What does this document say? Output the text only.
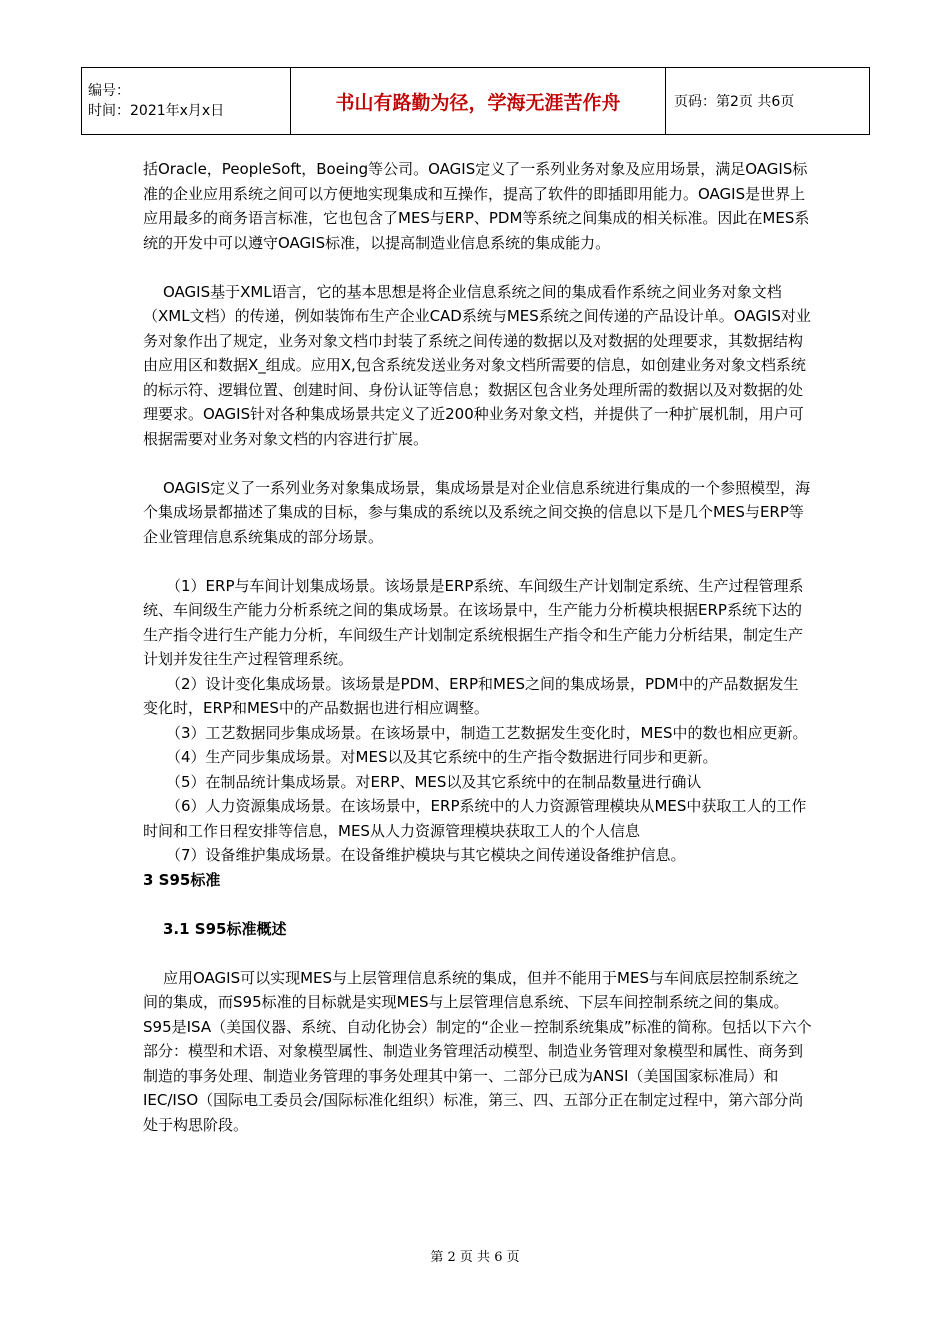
编号：
时间：2021年x月x日	书山有路勤为径，学海无涯苦作舟	页码：第2页 共6页

括Oracle，PeopleSoft，Boeing等公司。OAGIS定义了一系列业务对象及应用场景，满足OAGIS标准的企业应用系统之间可以方便地实现集成和互操作，提高了软件的即插即用能力。OAGIS是世界上应用最多的商务语言标准，它也包含了MES与ERP、PDM等系统之间集成的相关标准。因此在MES系统的开发中可以遵守OAGIS标准，以提高制造业信息系统的集成能力。

OAGIS基于XML语言，它的基本思想是将企业信息系统之间的集成看作系统之间业务对象文档（XML文档）的传递，例如装饰布生产企业CAD系统与MES系统之间传递的产品设计单。OAGIS对业务对象作出了规定，业务对象文档巾封装了系统之间传递的数据以及对数据的处理要求，其数据结构由应用区和数据X_组成。应用X,包含系统发送业务对象文档所需要的信息，如创建业务对象文档系统的标示符、逻辑位置、创建时间、身份认证等信息；数据区包含业务处理所需的数据以及对数据的处理要求。OAGIS针对各种集成场景共定义了近200种业务对象文档，并提供了一种扩展机制，用户可根据需要对业务对象文档的内容进行扩展。

OAGIS定义了一系列业务对象集成场景，集成场景是对企业信息系统进行集成的一个参照模型，海个集成场景都描述了集成的目标，参与集成的系统以及系统之间交换的信息以下是几个MES与ERP等企业管理信息系统集成的部分场景。

（1）ERP与车间计划集成场景。该场景是ERP系统、车间级生产计划制定系统、生产过程管理系统、车间级生产能力分析系统之间的集成场景。在该场景中，生产能力分析模块根据ERP系统下达的生产指令进行生产能力分析，车间级生产计划制定系统根据生产指令和生产能力分析结果，制定生产计划并发往生产过程管理系统。

（2）设计变化集成场景。该场景是PDM、ERP和MES之间的集成场景，PDM中的产品数据发生变化时，ERP和MES中的产品数据也进行相应调整。

（3）工艺数据同步集成场景。在该场景中，制造工艺数据发生变化时，MES中的数也相应更新。

（4）生产同步集成场景。对MES以及其它系统中的生产指令数据进行同步和更新。

（5）在制品统计集成场景。对ERP、MES以及其它系统中的在制品数量进行确认

（6）人力资源集成场景。在该场景中，ERP系统中的人力资源管理模块从MES中获取工人的工作时间和工作日程安排等信息，MES从人力资源管理模块获取工人的个人信息

（7）设备维护集成场景。在设备维护模块与其它模块之间传递设备维护信息。

3 S95标准

3.1 S95标准概述

应用OAGIS可以实现MES与上层管理信息系统的集成，但并不能用于MES与车间底层控制系统之间的集成，而S95标准的目标就是实现MES与上层管理信息系统、下层车间控制系统之间的集成。S95是ISA（美国仪器、系统、自动化协会）制定的“企业－控制系统集成”标准的简称。包括以下六个部分：模型和术语、对象模型属性、制造业务管理活动模型、制造业务管理对象模型和属性、商务到制造的事务处理、制造业务管理的事务处理其中第一、二部分已成为ANSI（美国国家标准局）和IEC/ISO（国际电工委员会/国际标准化组织）标准，第三、四、五部分正在制定过程中，第六部分尚处于构思阶段。

第 2 页 共 6 页
